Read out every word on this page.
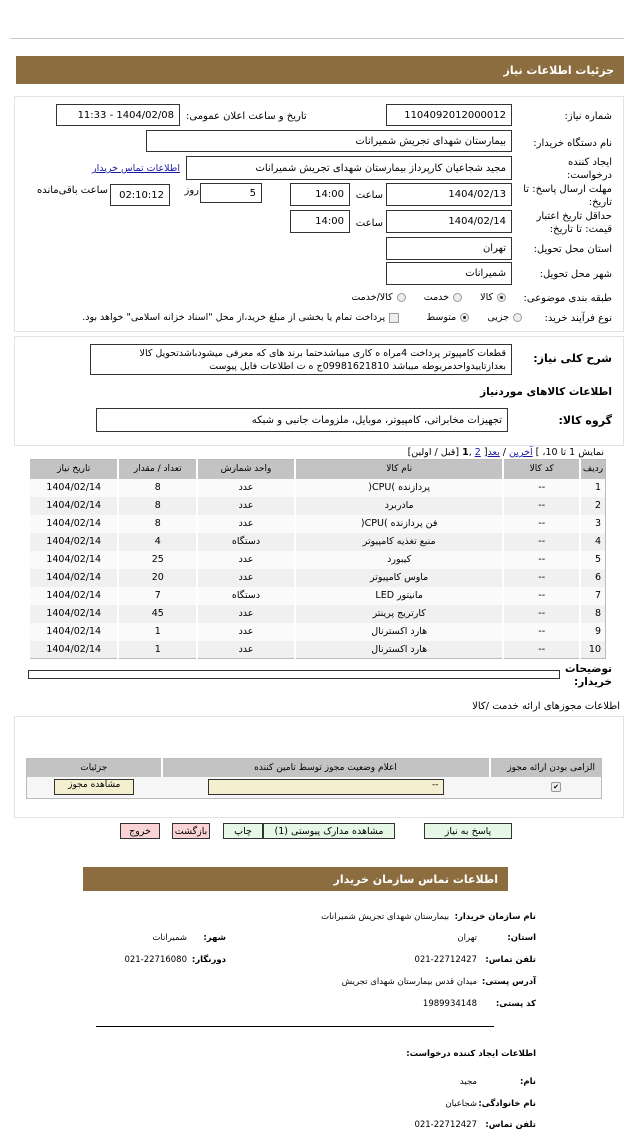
جزئیات اطلاعات نیاز
شماره نیاز:
1104092012000012
تاریخ و ساعت اعلان عمومی:
1404/02/08 - 11:33
نام دستگاه خریدار:
بیمارستان شهدای تجریش شمیرانات
ایجاد کننده درخواست:
مجید شجاعیان کارپرداز بیمارستان شهدای تجریش شمیرانات
اطلاعات تماس خریدار
مهلت ارسال پاسخ: تا تاریخ:
1404/02/13
ساعت
14:00
5
روز
02:10:12
ساعت باقی‌مانده
حداقل تاریخ اعتبار قیمت: تا تاریخ:
1404/02/14
ساعت
14:00
استان محل تحویل:
تهران
شهر محل تحویل:
شمیرانات
طبقه بندی موضوعی:
کالا      خدمت      کالا/خدمت
نوع فرآیند خرید:
جزیی      متوسط         پرداخت تمام یا بخشی از مبلغ خرید،از محل "اسناد خزانه اسلامی" خواهد بود.
شرح کلی نیاز:
قطعات کامپیوتر پرداخت 4مراه ه کاری میباشدحتما برند های که معرفی میشودباشدتحویل کالا
بعدازتاییدواحدمربوطه میباشد 09981621810ج ه ت اطلاعات فایل پیوست
اطلاعات کالاهای موردنیاز
گروه کالا:
تجهیزات مخابراتی، کامپیوتر، موبایل، ملزومات جانبی و شبکه
نمایش 1 تا 10، ] آخرین / بعد[ 2 ,1 [قبل / اولین]
ردیف	کد کالا	نام کالا	واحد شمارش	تعداد / مقدار	تاریخ نیاز
1	--	پردازنده )CPU(	عدد	8	1404/02/14
2	--	مادربرد	عدد	8	1404/02/14
3	--	فن پردازنده )CPU(	عدد	8	1404/02/14
4	--	منبع تغذیه کامپیوتر	دستگاه	4	1404/02/14
5	--	کیبورد	عدد	25	1404/02/14
6	--	ماوس کامپیوتر	عدد	20	1404/02/14
7	--	مانیتور LED	دستگاه	7	1404/02/14
8	--	کارتریج پرینتر	عدد	45	1404/02/14
9	--	هارد اکسترنال	عدد	1	1404/02/14
10	--	هارد اکسترنال	عدد	1	1404/02/14
توضیحات خریدار:
اطلاعات مجوزهای ارائه خدمت /کالا
الزامی بودن ارائه مجوز	اعلام وضعیت مجوز توسط تامین کننده	جزئیات
✔	--	مشاهده مجوز
پاسخ به نیاز
مشاهده مدارک پیوستی (1)
چاپ
بازگشت
خروج
اطلاعات تماس سازمان خریدار
نام سازمان خریدار:  بیمارستان شهدای تجریش شمیرانات
استان:
تهران
شهر:
شمیرانات
تلفن تماس:
021-22712427
دورنگار:
021-22716080
آدرس پستی:
میدان قدس بیمارستان شهدای تجریش
کد پستی:
1989934148
اطلاعات ایجاد کننده درخواست:
نام:
مجید
نام خانوادگی:
شجاعیان
تلفن تماس:
021-22712427
